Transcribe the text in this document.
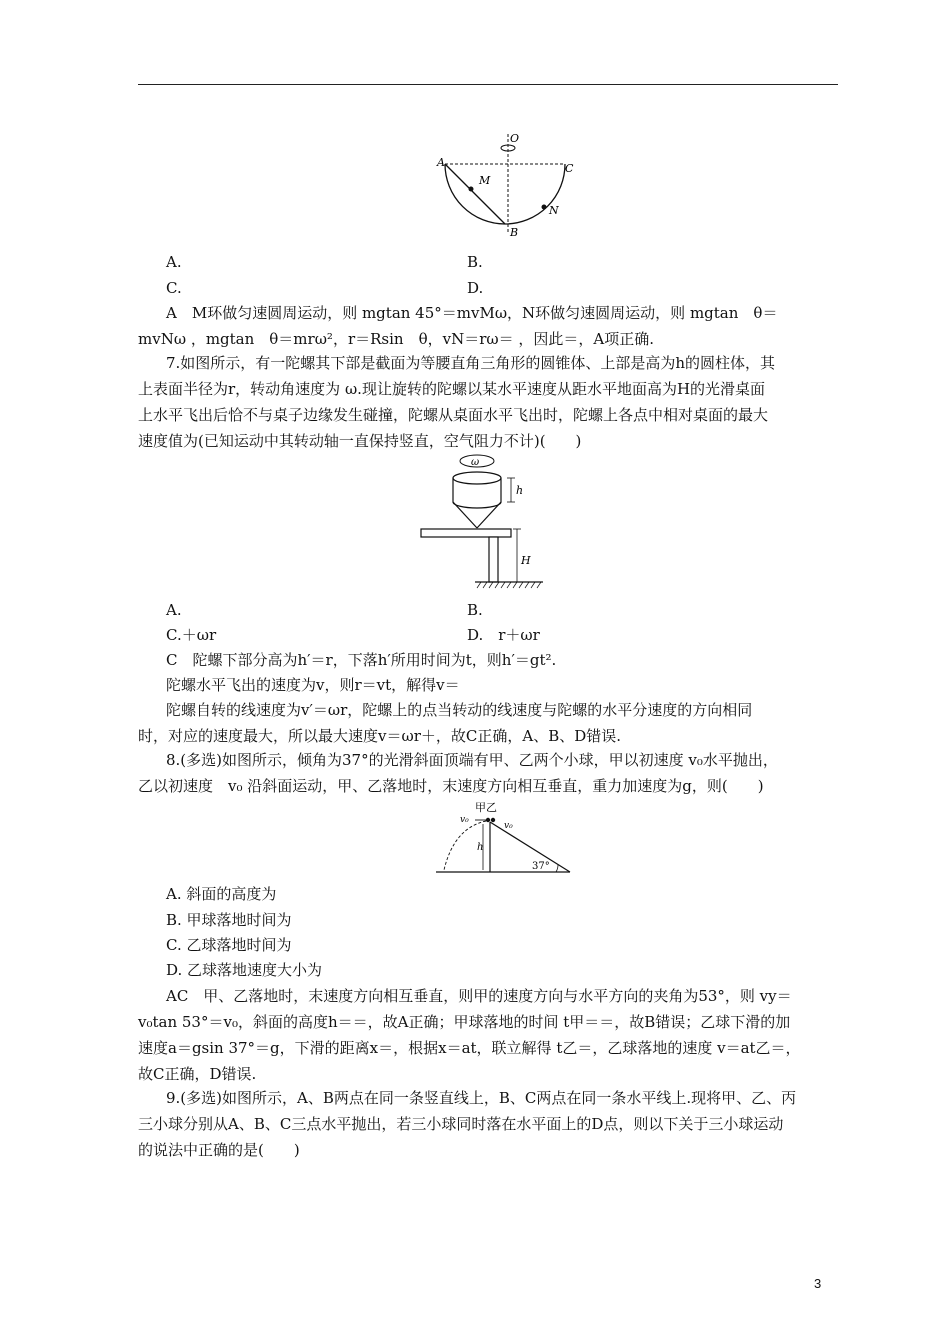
O
A	C
M
N
B
A.	B.
C.	D.
A　M环做匀速圆周运动，则 mgtan 45°＝mvMω，N环做匀速圆周运动，则 mgtan　θ＝
mvNω ，mgtan　θ＝mrω²，r＝Rsin　θ，vN＝rω＝ ，因此＝，A项正确.
7.如图所示，有一陀螺其下部是截面为等腰直角三角形的圆锥体、上部是高为h的圆柱体，其
上表面半径为r，转动角速度为 ω.现让旋转的陀螺以某水平速度从距水平地面高为H的光滑桌面
上水平飞出后恰不与桌子边缘发生碰撞，陀螺从桌面水平飞出时，陀螺上各点中相对桌面的最大
速度值为(已知运动中其转动轴一直保持竖直，空气阻力不计)(　　)
ω
h
H
A.	B.
C.＋ωr	D.　r＋ωr
C　陀螺下部分高为h′＝r，下落h′所用时间为t，则h′＝gt².
陀螺水平飞出的速度为v，则r＝vt，解得v＝
陀螺自转的线速度为v′＝ωr，陀螺上的点当转动的线速度与陀螺的水平分速度的方向相同
时，对应的速度最大，所以最大速度v＝ωr＋，故C正确，A、B、D错误.
8.(多选)如图所示，倾角为37°的光滑斜面顶端有甲、乙两个小球，甲以初速度 v₀水平抛出，
乙以初速度　v₀ 沿斜面运动，甲、乙落地时，末速度方向相互垂直，重力加速度为g，则(　　)
甲乙
v₀
v₀
h
37°
A. 斜面的高度为
B. 甲球落地时间为
C. 乙球落地时间为
D. 乙球落地速度大小为
AC　甲、乙落地时，末速度方向相互垂直，则甲的速度方向与水平方向的夹角为53°，则 vy＝
v₀tan 53°＝v₀，斜面的高度h＝＝，故A正确；甲球落地的时间 t甲＝＝，故B错误；乙球下滑的加
速度a＝gsin 37°＝g，下滑的距离x＝，根据x＝at，联立解得 t乙＝，乙球落地的速度 v＝at乙＝，
故C正确，D错误.
9.(多选)如图所示，A、B两点在同一条竖直线上，B、C两点在同一条水平线上.现将甲、乙、丙
三小球分别从A、B、C三点水平抛出，若三小球同时落在水平面上的D点，则以下关于三小球运动
的说法中正确的是(　　)
3
